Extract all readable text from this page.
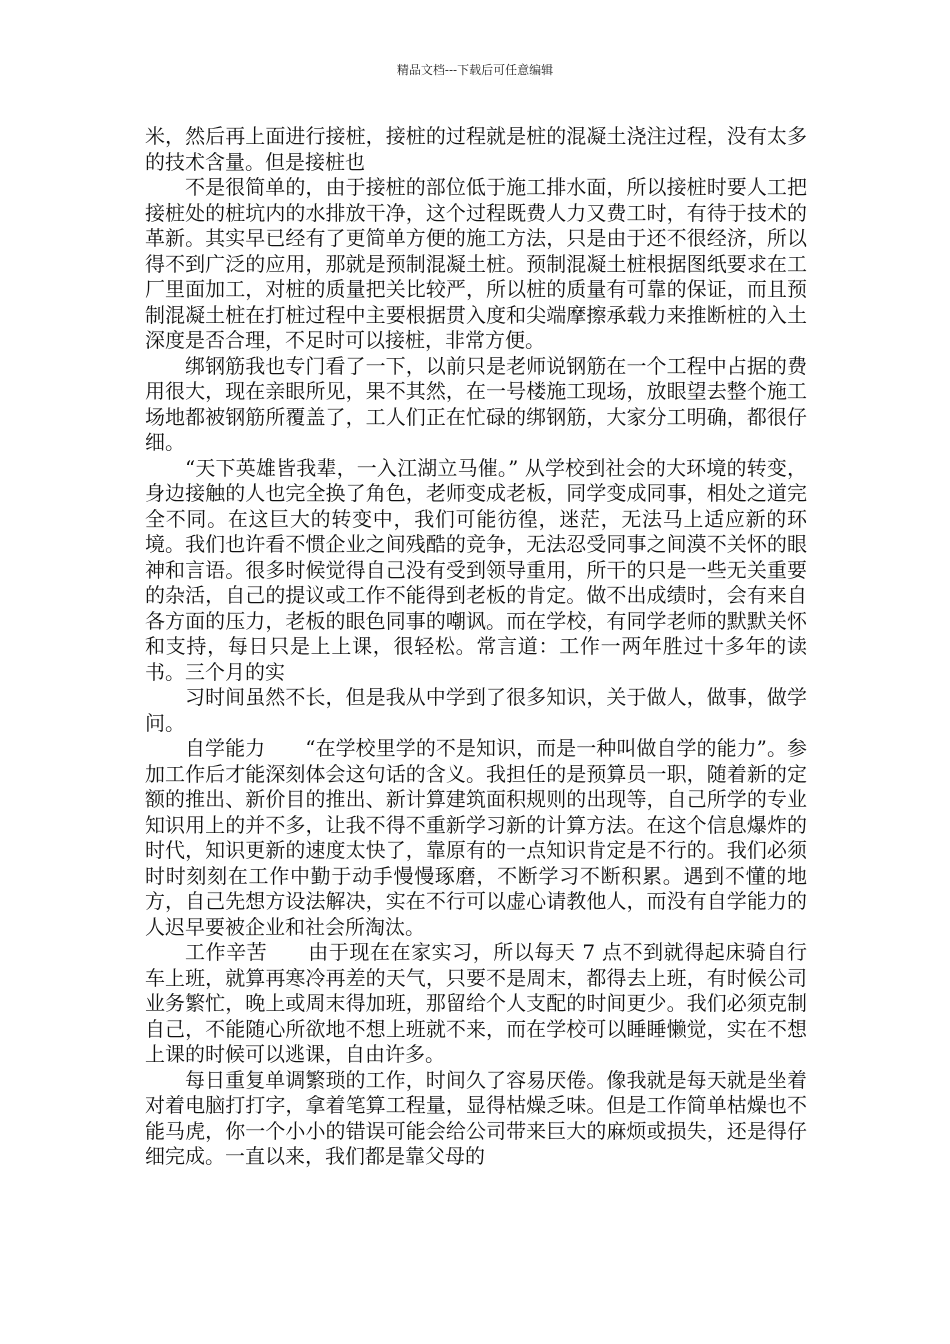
精品文档---下载后可任意编辑

米，然后再上面进行接桩，接桩的过程就是桩的混凝土浇注过程，没有太多的技术含量。但是接桩也

不是很简单的，由于接桩的部位低于施工排水面，所以接桩时要人工把接桩处的桩坑内的水排放干净，这个过程既费人力又费工时，有待于技术的革新。其实早已经有了更简单方便的施工方法，只是由于还不很经济，所以得不到广泛的应用，那就是预制混凝土桩。预制混凝土桩根据图纸要求在工厂里面加工，对桩的质量把关比较严，所以桩的质量有可靠的保证，而且预制混凝土桩在打桩过程中主要根据贯入度和尖端摩擦承载力来推断桩的入土深度是否合理，不足时可以接桩，非常方便。

绑钢筋我也专门看了一下，以前只是老师说钢筋在一个工程中占据的费用很大，现在亲眼所见，果不其然，在一号楼施工现场，放眼望去整个施工场地都被钢筋所覆盖了，工人们正在忙碌的绑钢筋，大家分工明确，都很仔细。

“天下英雄皆我辈，一入江湖立马催。” 从学校到社会的大环境的转变，身边接触的人也完全换了角色，老师变成老板，同学变成同事，相处之道完全不同。在这巨大的转变中，我们可能彷徨，迷茫，无法马上适应新的环境。我们也许看不惯企业之间残酷的竞争，无法忍受同事之间漠不关怀的眼神和言语。很多时候觉得自己没有受到领导重用，所干的只是一些无关重要的杂活，自己的提议或工作不能得到老板的肯定。做不出成绩时，会有来自各方面的压力，老板的眼色同事的嘲讽。而在学校，有同学老师的默默关怀和支持，每日只是上上课，很轻松。常言道：工作一两年胜过十多年的读书。三个月的实

习时间虽然不长，但是我从中学到了很多知识，关于做人，做事，做学问。

自学能力　　“在学校里学的不是知识，而是一种叫做自学的能力”。参加工作后才能深刻体会这句话的含义。我担任的是预算员一职，随着新的定额的推出、新价目的推出、新计算建筑面积规则的出现等，自己所学的专业知识用上的并不多，让我不得不重新学习新的计算方法。在这个信息爆炸的时代，知识更新的速度太快了，靠原有的一点知识肯定是不行的。我们必须时时刻刻在工作中勤于动手慢慢琢磨，不断学习不断积累。遇到不懂的地方，自己先想方设法解决，实在不行可以虚心请教他人，而没有自学能力的人迟早要被企业和社会所淘汰。

工作辛苦　　由于现在在家实习，所以每天 7 点不到就得起床骑自行车上班，就算再寒冷再差的天气，只要不是周末，都得去上班，有时候公司业务繁忙，晚上或周末得加班，那留给个人支配的时间更少。我们必须克制自己，不能随心所欲地不想上班就不来，而在学校可以睡睡懒觉，实在不想上课的时候可以逃课，自由许多。

每日重复单调繁琐的工作，时间久了容易厌倦。像我就是每天就是坐着对着电脑打打字，拿着笔算工程量，显得枯燥乏味。但是工作简单枯燥也不能马虎，你一个小小的错误可能会给公司带来巨大的麻烦或损失，还是得仔细完成。一直以来，我们都是靠父母的
